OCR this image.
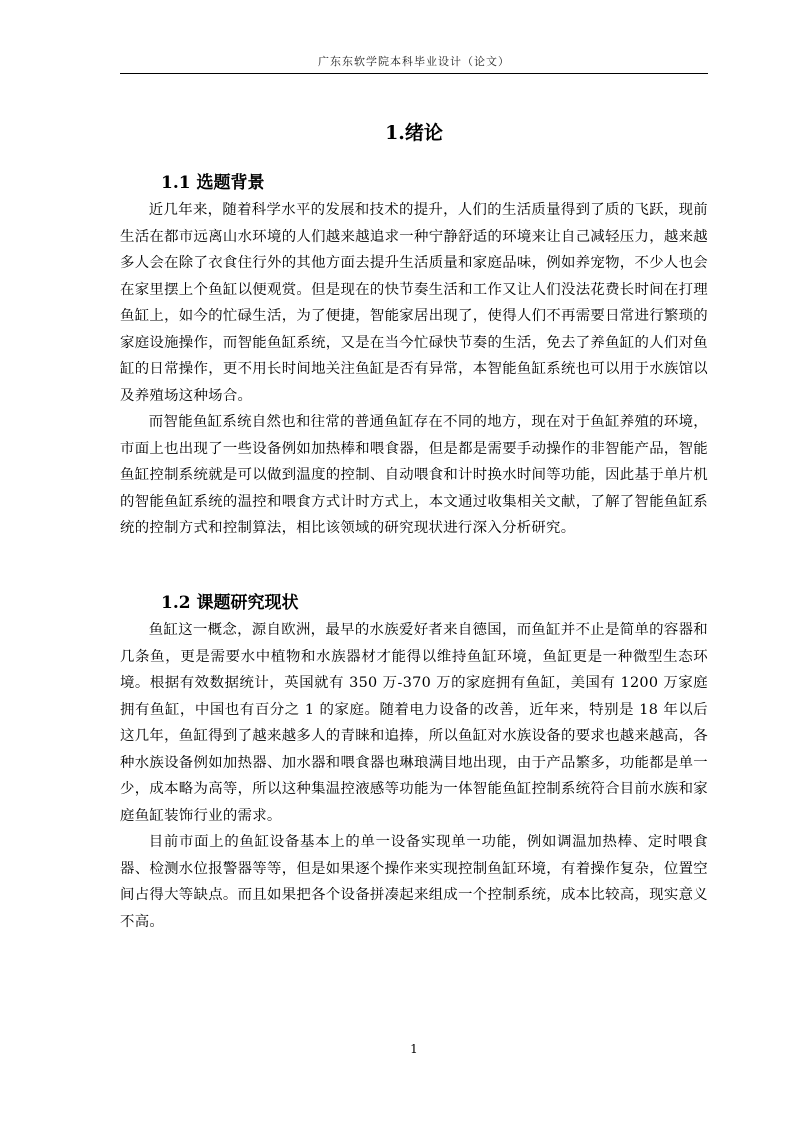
广东东软学院本科毕业设计（论文）
1.绪论
1.1 选题背景

近几年来，随着科学水平的发展和技术的提升，人们的生活质量得到了质的飞跃，现前生活在都市远离山水环境的人们越来越追求一种宁静舒适的环境来让自己减轻压力，越来越多人会在除了衣食住行外的其他方面去提升生活质量和家庭品味，例如养宠物，不少人也会在家里摆上个鱼缸以便观赏。但是现在的快节奏生活和工作又让人们没法花费长时间在打理鱼缸上，如今的忙碌生活，为了便捷，智能家居出现了，使得人们不再需要日常进行繁琐的家庭设施操作，而智能鱼缸系统，又是在当今忙碌快节奏的生活，免去了养鱼缸的人们对鱼缸的日常操作，更不用长时间地关注鱼缸是否有异常，本智能鱼缸系统也可以用于水族馆以及养殖场这种场合。

而智能鱼缸系统自然也和往常的普通鱼缸存在不同的地方，现在对于鱼缸养殖的环境，市面上也出现了一些设备例如加热棒和喂食器，但是都是需要手动操作的非智能产品，智能鱼缸控制系统就是可以做到温度的控制、自动喂食和计时换水时间等功能，因此基于单片机的智能鱼缸系统的温控和喂食方式计时方式上，本文通过收集相关文献，了解了智能鱼缸系统的控制方式和控制算法，相比该领域的研究现状进行深入分析研究。

1.2 课题研究现状

鱼缸这一概念，源自欧洲，最早的水族爱好者来自德国，而鱼缸并不止是简单的容器和几条鱼，更是需要水中植物和水族器材才能得以维持鱼缸环境，鱼缸更是一种微型生态环境。根据有效数据统计，英国就有 350 万-370 万的家庭拥有鱼缸，美国有 1200 万家庭拥有鱼缸，中国也有百分之 1 的家庭。随着电力设备的改善，近年来，特别是 18 年以后这几年，鱼缸得到了越来越多人的青睐和追捧，所以鱼缸对水族设备的要求也越来越高，各种水族设备例如加热器、加水器和喂食器也琳琅满目地出现，由于产品繁多，功能都是单一少，成本略为高等，所以这种集温控液感等功能为一体智能鱼缸控制系统符合目前水族和家庭鱼缸装饰行业的需求。

目前市面上的鱼缸设备基本上的单一设备实现单一功能，例如调温加热棒、定时喂食器、检测水位报警器等等，但是如果逐个操作来实现控制鱼缸环境，有着操作复杂，位置空间占得大等缺点。而且如果把各个设备拼凑起来组成一个控制系统，成本比较高，现实意义不高。

1
